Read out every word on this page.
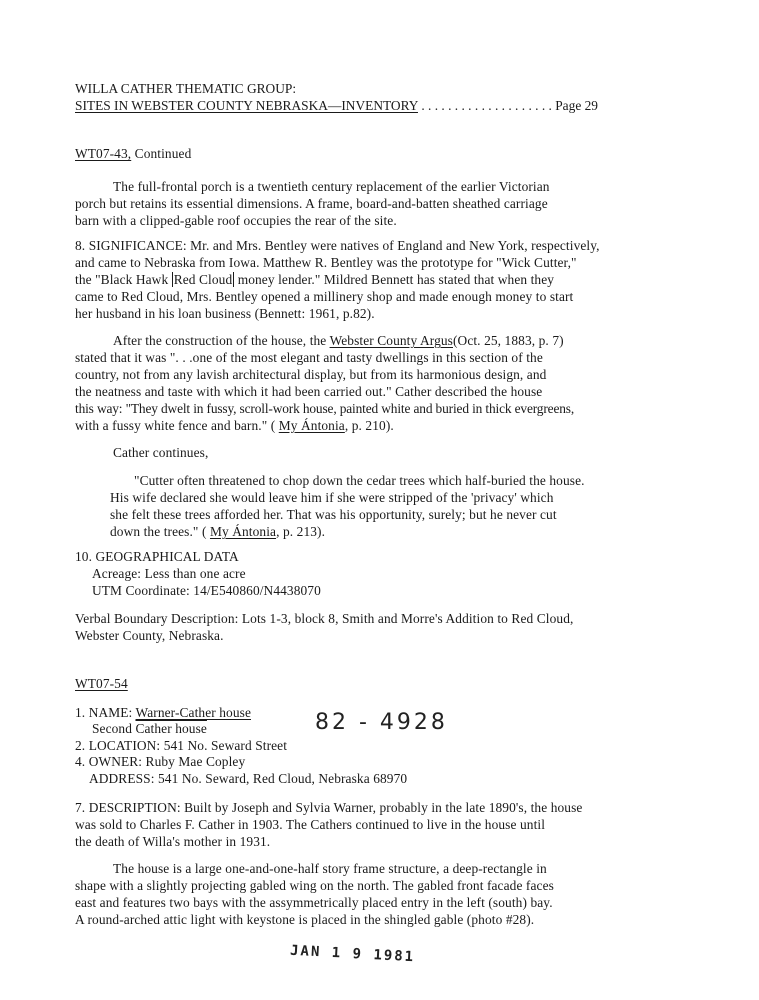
WILLA CATHER THEMATIC GROUP:
SITES IN WEBSTER COUNTY NEBRASKA—INVENTORY . . . . . . . . . . . . . . . . . . . . Page 29
WT07-43, Continued
The full-frontal porch is a twentieth century replacement of the earlier Victorian
porch but retains its essential dimensions. A frame, board-and-batten sheathed carriage
barn with a clipped-gable roof occupies the rear of the site.
8. SIGNIFICANCE: Mr. and Mrs. Bentley were natives of England and New York, respectively,
and came to Nebraska from Iowa. Matthew R. Bentley was the prototype for "Wick Cutter,"
the "Black Hawk Red Cloud money lender." Mildred Bennett has stated that when they
came to Red Cloud, Mrs. Bentley opened a millinery shop and made enough money to start
her husband in his loan business (Bennett: 1961, p.82).
After the construction of the house, the Webster County Argus(Oct. 25, 1883, p. 7)
stated that it was ". . .one of the most elegant and tasty dwellings in this section of the
country, not from any lavish architectural display, but from its harmonious design, and
the neatness and taste with which it had been carried out." Cather described the house
this way: "They dwelt in fussy, scroll-work house, painted white and buried in thick evergreens,
with a fussy white fence and barn." ( My Ántonia, p. 210).
Cather continues,
"Cutter often threatened to chop down the cedar trees which half-buried the house.
His wife declared she would leave him if she were stripped of the 'privacy' which
she felt these trees afforded her. That was his opportunity, surely; but he never cut
down the trees." ( My Ántonia, p. 213).
10. GEOGRAPHICAL DATA
Acreage: Less than one acre
UTM Coordinate: 14/E540860/N4438070
Verbal Boundary Description: Lots 1-3, block 8, Smith and Morre's Addition to Red Cloud,
Webster County, Nebraska.
WT07-54
1. NAME: Warner-Cather house
Second Cather house
2. LOCATION: 541 No. Seward Street
4. OWNER: Ruby Mae Copley
ADDRESS: 541 No. Seward, Red Cloud, Nebraska 68970
82 - 4928
7. DESCRIPTION: Built by Joseph and Sylvia Warner, probably in the late 1890's, the house
was sold to Charles F. Cather in 1903. The Cathers continued to live in the house until
the death of Willa's mother in 1931.
The house is a large one-and-one-half story frame structure, a deep-rectangle in
shape with a slightly projecting gabled wing on the north. The gabled front facade faces
east and features two bays with the assymmetrically placed entry in the left (south) bay.
A round-arched attic light with keystone is placed in the shingled gable (photo #28).
JAN 1 9 1981
